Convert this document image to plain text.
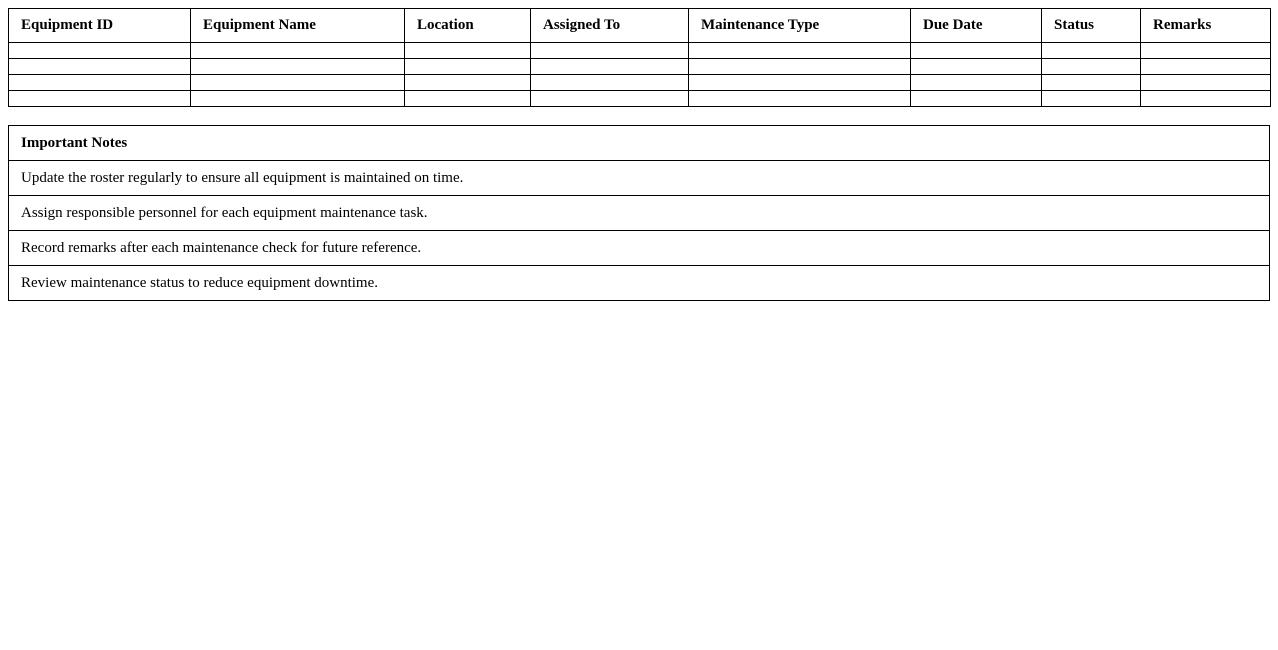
Equipment ID	Equipment Name	Location	Assigned To	Maintenance Type	Due Date	Status	Remarks

Important Notes
Update the roster regularly to ensure all equipment is maintained on time.
Assign responsible personnel for each equipment maintenance task.
Record remarks after each maintenance check for future reference.
Review maintenance status to reduce equipment downtime.
